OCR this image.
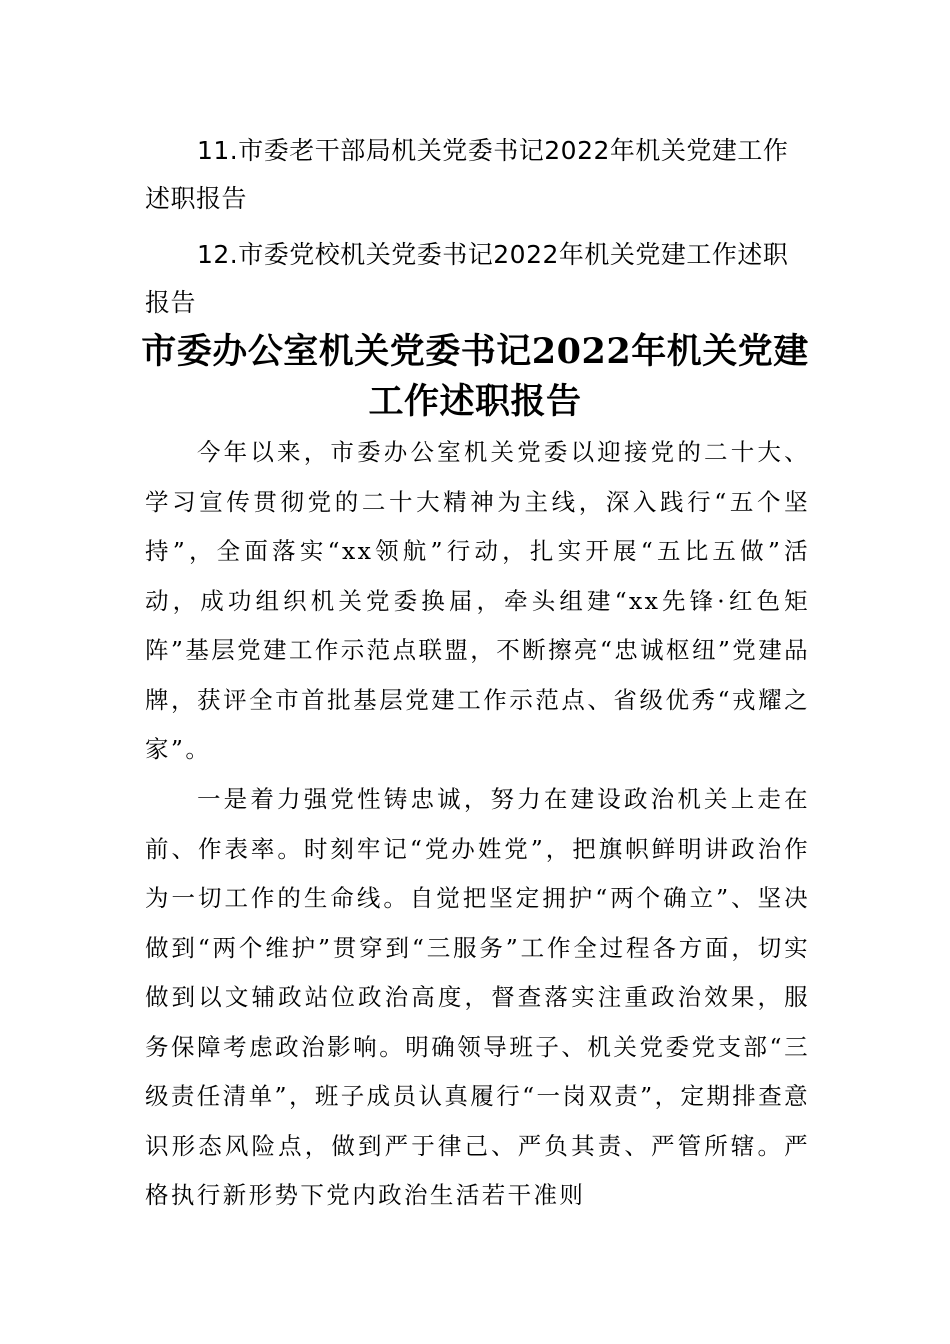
11.市委老干部局机关党委书记2022年机关党建工作述职报告

12.市委党校机关党委书记2022年机关党建工作述职报告

市委办公室机关党委书记2022年机关党建工作述职报告

今年以来，市委办公室机关党委以迎接党的二十大、学习宣传贯彻党的二十大精神为主线，深入践行“五个坚持”，全面落实“xx领航”行动，扎实开展“五比五做”活动，成功组织机关党委换届，牵头组建“xx先锋·红色矩阵”基层党建工作示范点联盟，不断擦亮“忠诚枢纽”党建品牌，获评全市首批基层党建工作示范点、省级优秀“戎耀之家”。

一是着力强党性铸忠诚，努力在建设政治机关上走在前、作表率。时刻牢记“党办姓党”，把旗帜鲜明讲政治作为一切工作的生命线。自觉把坚定拥护“两个确立”、坚决做到“两个维护”贯穿到“三服务”工作全过程各方面，切实做到以文辅政站位政治高度，督查落实注重政治效果，服务保障考虑政治影响。明确领导班子、机关党委党支部“三级责任清单”，班子成员认真履行“一岗双责”，定期排查意识形态风险点，做到严于律己、严负其责、严管所辖。严格执行新形势下党内政治生活若干准则
